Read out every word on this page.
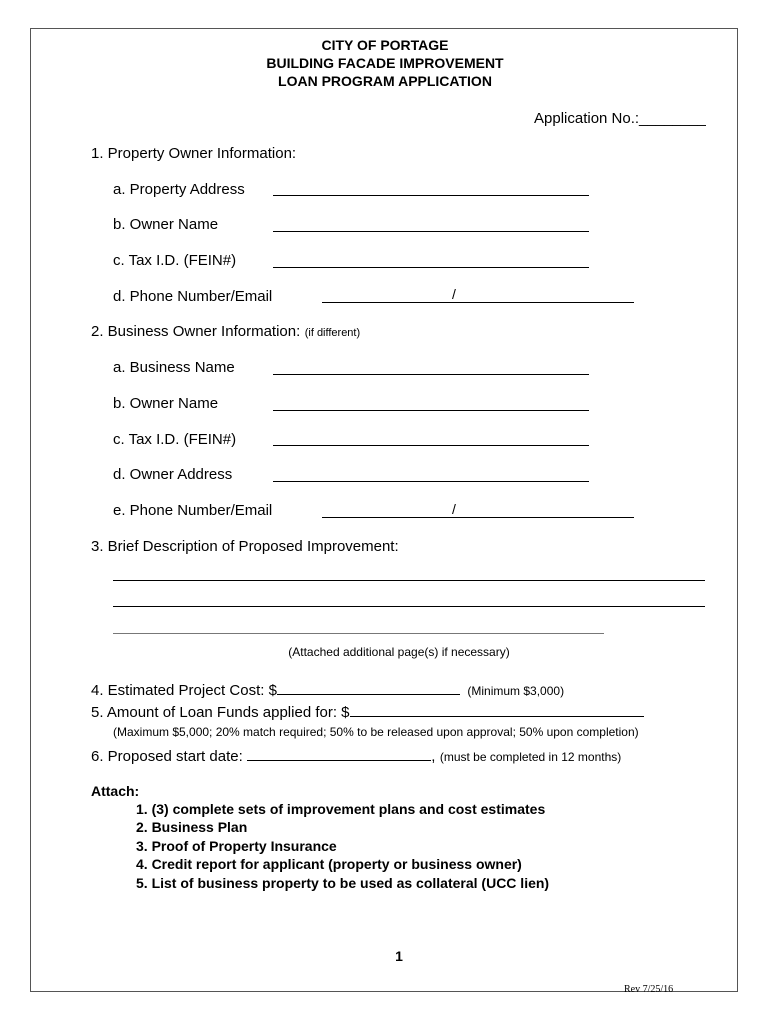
CITY OF PORTAGE
BUILDING FACADE IMPROVEMENT
LOAN PROGRAM APPLICATION
Application No.:________
1. Property Owner Information:
a. Property Address
b. Owner Name
c. Tax I.D. (FEIN#)
d. Phone Number/Email	/
2. Business Owner Information: (if different)
a. Business Name
b. Owner Name
c. Tax I.D. (FEIN#)
d. Owner Address
e. Phone Number/Email	/
3. Brief Description of Proposed Improvement:
(Attached additional page(s) if necessary)
4. Estimated Project Cost: $	(Minimum $3,000)
5. Amount of Loan Funds applied for: $
(Maximum $5,000; 20% match required; 50% to be released upon approval; 50% upon completion)
6. Proposed start date:	, (must be completed in 12 months)
Attach:
1. (3) complete sets of improvement plans and cost estimates
2. Business Plan
3. Proof of Property Insurance
4. Credit report for applicant (property or business owner)
5. List of business property to be used as collateral (UCC lien)
1
Rev 7/25/16
